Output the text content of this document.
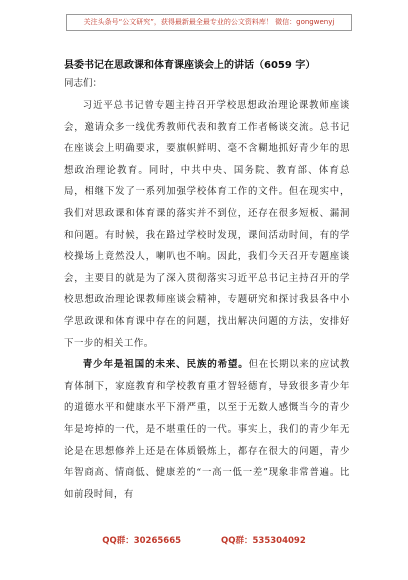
关注头条号“公文研究”，获得最新最全最专业的公文资料库！ 微信：gongwenyj

县委书记在思政课和体育课座谈会上的讲话（6059 字）

同志们：

习近平总书记曾专题主持召开学校思想政治理论课教师座谈会，邀请众多一线优秀教师代表和教育工作者畅谈交流。总书记在座谈会上明确要求，要旗帜鲜明、毫不含糊地抓好青少年的思想政治理论教育。同时，中共中央、国务院、教育部、体育总局，相继下发了一系列加强学校体育工作的文件。但在现实中，我们对思政课和体育课的落实并不到位，还存在很多短板、漏洞和问题。有时候，我在路过学校时发现，课间活动时间，有的学校操场上竟然没人，喇叭也不响。因此，我们今天召开专题座谈会，主要目的就是为了深入贯彻落实习近平总书记主持召开的学校思想政治理论课教师座谈会精神，专题研究和探讨我县各中小学思政课和体育课中存在的问题，找出解决问题的方法，安排好下一步的相关工作。

青少年是祖国的未来、民族的希望。但在长期以来的应试教育体制下，家庭教育和学校教育重才智轻德育，导致很多青少年的道德水平和健康水平下滑严重，以至于无数人感慨当今的青少年是垮掉的一代，是不堪重任的一代。事实上，我们的青少年无论是在思想修养上还是在体质锻炼上，都存在很大的问题，青少年智商高、情商低、健康差的“一高一低一差”现象非常普遍。比如前段时间，有

QQ群：30265665	QQ群：535304092
